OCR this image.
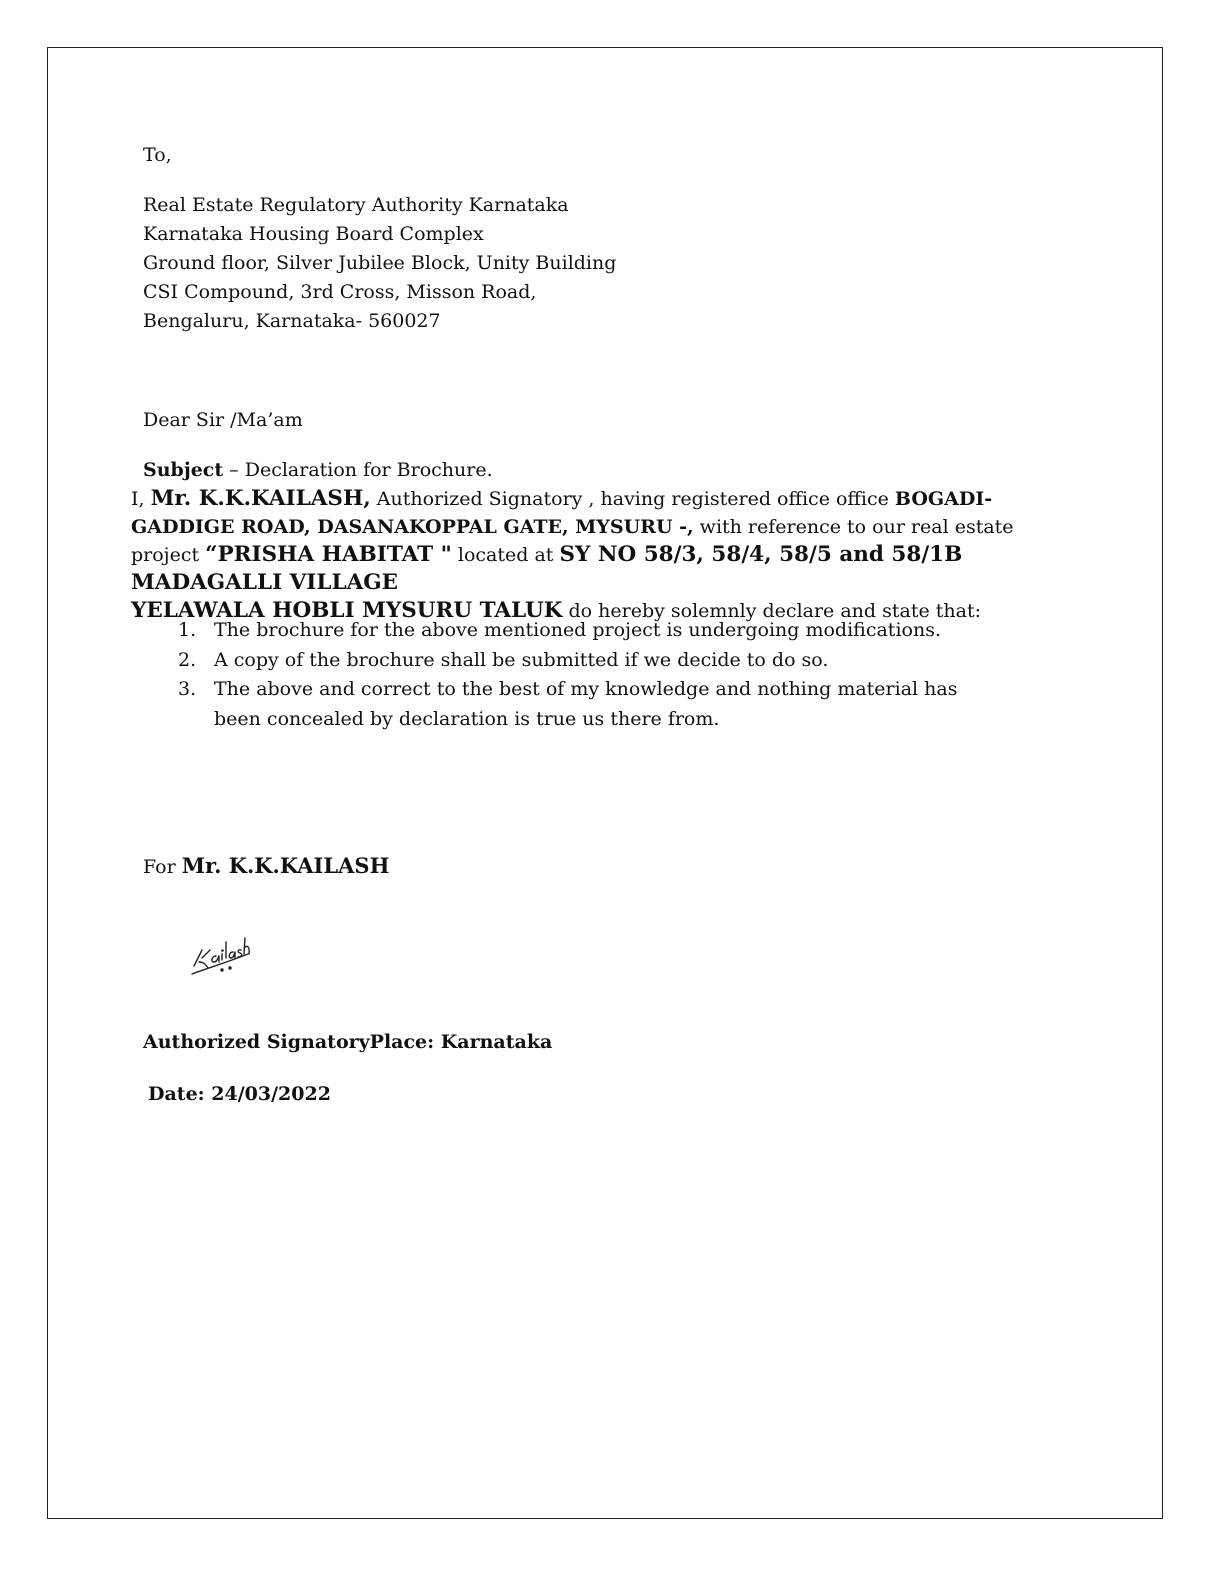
To,
Real Estate Regulatory Authority Karnataka
Karnataka Housing Board Complex
Ground floor, Silver Jubilee Block, Unity Building
CSI Compound, 3rd Cross, Misson Road,
Bengaluru, Karnataka- 560027
Dear Sir /Ma’am
Subject – Declaration for Brochure.
I, Mr. K.K.KAILASH, Authorized Signatory , having registered office office BOGADI-GADDIGE ROAD, DASANAKOPPAL GATE, MYSURU -, with reference to our real estate project “PRISHA HABITAT " located at SY NO 58/3, 58/4, 58/5 and 58/1B MADAGALLI VILLAGE
YELAWALA HOBLI MYSURU TALUK do hereby solemnly declare and state that:
1. The brochure for the above mentioned project is undergoing modifications.
2. A copy of the brochure shall be submitted if we decide to do so.
3. The above and correct to the best of my knowledge and nothing material has been concealed by declaration is true us there from.
For Mr. K.K.KAILASH
Authorized SignatoryPlace: Karnataka
Date: 24/03/2022
